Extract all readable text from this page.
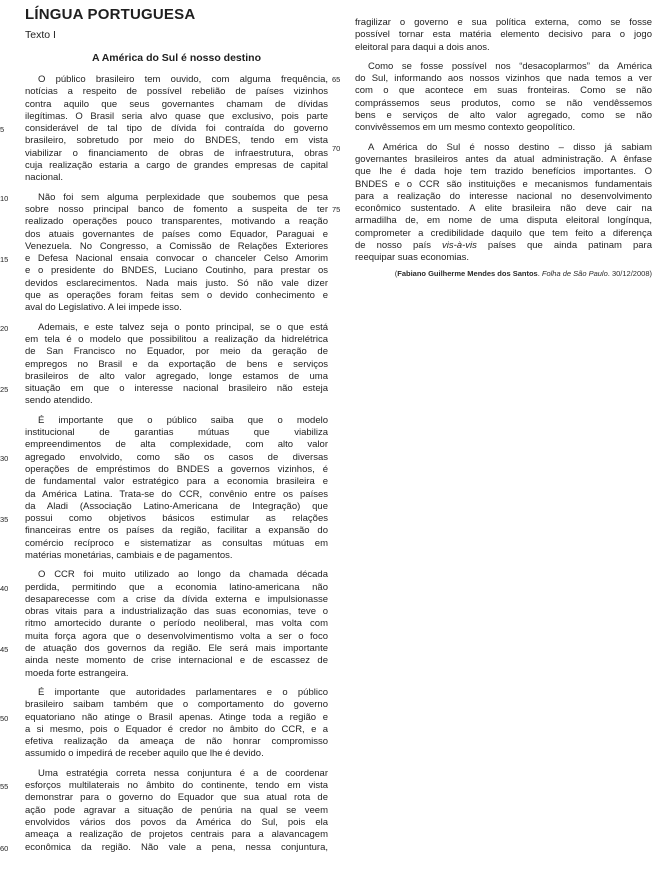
LÍNGUA PORTUGUESA
Texto I
A América do Sul é nosso destino
O público brasileiro tem ouvido, com alguma frequência,
notícias a respeito de possível rebelião de países vizinhos
contra aquilo que seus governantes chamam de dívidas
ilegítimas. O Brasil seria alvo quase que exclusivo, pois parte
5	considerável de tal tipo de dívida foi contraída do governo
brasileiro, sobretudo por meio do BNDES, tendo em vista
viabilizar o financiamento de obras de infraestrutura, obras
cuja realização estaria a cargo de grandes empresas de capital
nacional.
10	Não foi sem alguma perplexidade que soubemos que pesa
sobre nosso principal banco de fomento a suspeita de ter
realizado operações pouco transparentes, motivando a reação
dos atuais governantes de países como Equador, Paraguai e
Venezuela. No Congresso, a Comissão de Relações Exteriores
15	e Defesa Nacional ensaia convocar o chanceler Celso Amorim
e o presidente do BNDES, Luciano Coutinho, para prestar os
devidos esclarecimentos. Nada mais justo. Só não vale dizer
que as operações foram feitas sem o devido conhecimento e
aval do Legislativo. A lei impede isso.
20	Ademais, e este talvez seja o ponto principal, se o que está
em tela é o modelo que possibilitou a realização da hidrelétrica
de San Francisco no Equador, por meio da geração de
empregos no Brasil e da exportação de bens e serviços
brasileiros de alto valor agregado, longe estamos de uma
25	situação em que o interesse nacional brasileiro não esteja
sendo atendido.
É importante que o público saiba que o modelo
institucional de garantias mútuas que viabiliza
empreendimentos de alta complexidade, com alto valor
30	agregado envolvido, como são os casos de diversas
operações de empréstimos do BNDES a governos vizinhos, é
de fundamental valor estratégico para a economia brasileira e
da América Latina. Trata-se do CCR, convênio entre os países
da Aladi (Associação Latino-Americana de Integração) que
35	possui como objetivos básicos estimular as relações
financeiras entre os países da região, facilitar a expansão do
comércio recíproco e sistematizar as consultas mútuas em
matérias monetárias, cambiais e de pagamentos.
O CCR foi muito utilizado ao longo da chamada década
40	perdida, permitindo que a economia latino-americana não
desaparecesse com a crise da dívida externa e impulsionasse
obras vitais para a industrialização das suas economias, teve o
ritmo amortecido durante o período neoliberal, mas volta com
muita força agora que o desenvolvimentismo volta a ser o foco
45	de atuação dos governos da região. Ele será mais importante
ainda neste momento de crise internacional e de escassez de
moeda forte estrangeira.
É importante que autoridades parlamentares e o público
brasileiro saibam também que o comportamento do governo
50	equatoriano não atinge o Brasil apenas. Atinge toda a região e
a si mesmo, pois o Equador é credor no âmbito do CCR, e a
efetiva realização da ameaça de não honrar compromisso
assumido o impedirá de receber aquilo que lhe é devido.
Uma estratégia correta nessa conjuntura é a de coordenar
55	esforços multilaterais no âmbito do continente, tendo em vista
demonstrar para o governo do Equador que sua atual rota de
ação pode agravar a situação de penúria na qual se veem
envolvidos vários dos povos da América do Sul, pois ela
ameaça a realização de projetos centrais para a alavancagem
60	econômica da região. Não vale a pena, nessa conjuntura,
fragilizar o governo e sua política externa, como se fosse
possível tornar esta matéria elemento decisivo para o jogo
eleitoral para daqui a dois anos.
Como se fosse possível nos “desacoplarmos” da América
65	do Sul, informando aos nossos vizinhos que nada temos a ver
com o que acontece em suas fronteiras. Como se não
comprássemos seus produtos, como se não vendêssemos
bens e serviços de alto valor agregado, como se não
convivêssemos em um mesmo contexto geopolítico.
70	A América do Sul é nosso destino – disso já sabiam
governantes brasileiros antes da atual administração. A ênfase
que lhe é dada hoje tem trazido benefícios importantes. O
BNDES e o CCR são instituições e mecanismos fundamentais
para a realização do interesse nacional no desenvolvimento
75	econômico sustentado. A elite brasileira não deve cair na
armadilha de, em nome de uma disputa eleitoral longínqua,
comprometer a credibilidade daquilo que tem feito a diferença
de nosso país vis-à-vis países que ainda patinam para
reequipar suas economias.
(Fabiano Guilherme Mendes dos Santos. Folha de São Paulo. 30/12/2008)
